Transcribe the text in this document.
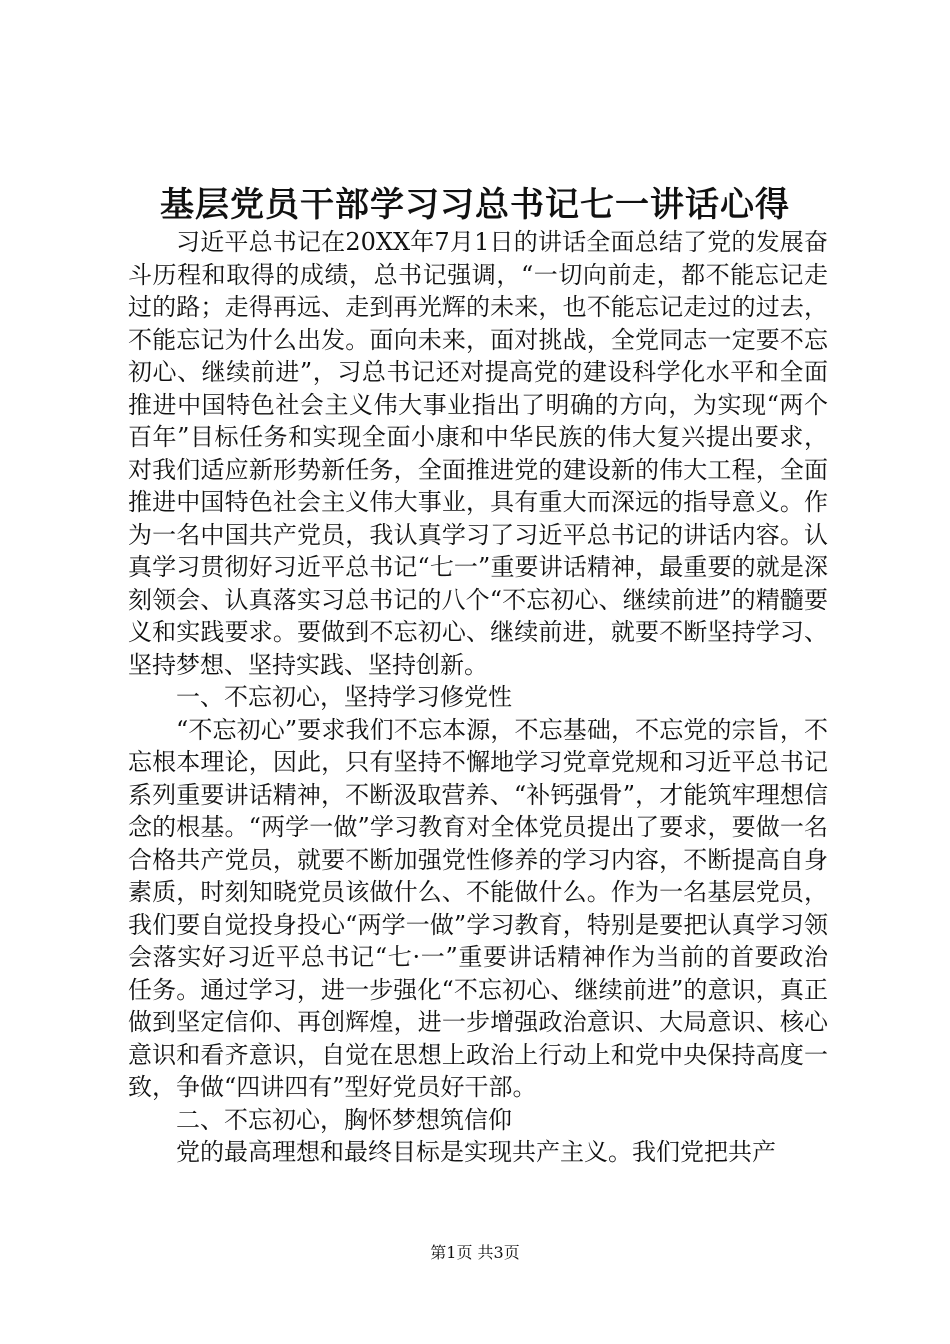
基层党员干部学习习总书记七一讲话心得

习近平总书记在20XX年7月1日的讲话全面总结了党的发展奋斗历程和取得的成绩，总书记强调，“一切向前走，都不能忘记走过的路；走得再远、走到再光辉的未来，也不能忘记走过的过去，不能忘记为什么出发。面向未来，面对挑战，全党同志一定要不忘初心、继续前进”，习总书记还对提高党的建设科学化水平和全面推进中国特色社会主义伟大事业指出了明确的方向，为实现“两个百年”目标任务和实现全面小康和中华民族的伟大复兴提出要求，对我们适应新形势新任务，全面推进党的建设新的伟大工程，全面推进中国特色社会主义伟大事业，具有重大而深远的指导意义。作为一名中国共产党员，我认真学习了习近平总书记的讲话内容。认真学习贯彻好习近平总书记“七一”重要讲话精神，最重要的就是深刻领会、认真落实习总书记的八个“不忘初心、继续前进”的精髓要义和实践要求。要做到不忘初心、继续前进，就要不断坚持学习、坚持梦想、坚持实践、坚持创新。

一、不忘初心，坚持学习修党性

“不忘初心”要求我们不忘本源，不忘基础，不忘党的宗旨，不忘根本理论，因此，只有坚持不懈地学习党章党规和习近平总书记系列重要讲话精神，不断汲取营养、“补钙强骨”，才能筑牢理想信念的根基。“两学一做”学习教育对全体党员提出了要求，要做一名合格共产党员，就要不断加强党性修养的学习内容，不断提高自身素质，时刻知晓党员该做什么、不能做什么。作为一名基层党员，我们要自觉投身投心“两学一做”学习教育，特别是要把认真学习领会落实好习近平总书记“七·一”重要讲话精神作为当前的首要政治任务。通过学习，进一步强化“不忘初心、继续前进”的意识，真正做到坚定信仰、再创辉煌，进一步增强政治意识、大局意识、核心意识和看齐意识，自觉在思想上政治上行动上和党中央保持高度一致，争做“四讲四有”型好党员好干部。

二、不忘初心，胸怀梦想筑信仰

党的最高理想和最终目标是实现共产主义。我们党把共产

第1页 共3页
